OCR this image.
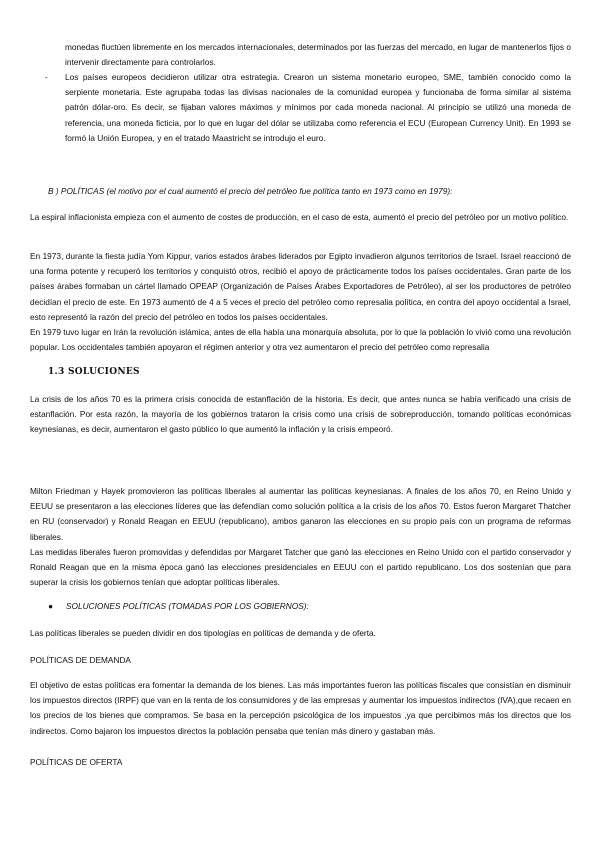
monedas fluctúen libremente en los mercados internacionales, determinados por las fuerzas del mercado, en lugar de mantenerlos fijos o intervenir directamente para controlarlos.

- Los países europeos decidieron utilizar otra estrategia. Crearon un sistema monetario europeo, SME, también conocido como la serpiente monetaria. Este agrupaba todas las divisas nacionales de la comunidad europea y funcionaba de forma similar al sistema patrón dólar-oro. Es decir, se fijaban valores máximos y mínimos por cada moneda nacional. Al principio se utilizó una moneda de referencia, una moneda ficticia, por lo que en lugar del dólar se utilizaba como referencia el ECU (European Currency Unit). En 1993 se formó la Unión Europea, y en el tratado Maastricht se introdujo el euro.

B ) POLÍTICAS (el motivo por el cual aumentó el precio del petróleo fue política tanto en 1973 como en 1979):

La espiral inflacionista empieza con el aumento de costes de producción, en el caso de esta, aumentó el precio del petróleo por un motivo político.

En 1973, durante la fiesta judía Yom Kippur, varios estados árabes liderados por Egipto invadieron algunos territorios de Israel. Israel reaccionó de una forma potente y recuperó los territorios y conquistó otros, recibió el apoyo de prácticamente todos los países occidentales. Gran parte de los países árabes formaban un cártel llamado OPEAP (Organización de Países Árabes Exportadores de Petróleo), al ser los productores de petróleo decidían el precio de este. En 1973 aumentó de 4 a 5 veces el precio del petróleo como represalia política, en contra del apoyo occidental a Israel, esto representó la razón del precio del petróleo en todos los países occidentales.

En 1979 tuvo lugar en Irán la revolución islámica, antes de ella había una monarquía absoluta, por lo que la población lo vivió como una revolución popular. Los occidentales también apoyaron el régimen anterior y otra vez aumentaron el precio del petróleo como represalia

1.3 SOLUCIONES

La crisis de los años 70 es la primera crisis conocida de estanflación de la historia. Es decir, que antes nunca se había verificado una crisis de estanflación. Por esta razón, la mayoría de los gobiernos trataron la crisis como una crisis de sobreproducción, tomando políticas económicas keynesianas, es decir, aumentaron el gasto público lo que aumentó la inflación y la crisis empeoró.

Milton Friedman y Hayek promovieron las políticas liberales al aumentar las políticas keynesianas. A finales de los años 70, en Reino Unido y EEUU se presentaron a las elecciones líderes que las defendían como solución política a la crisis de los años 70. Estos fueron Margaret Thatcher en RU (conservador) y Ronald Reagan en EEUU (republicano), ambos ganaron las elecciones en su propio país con un programa de reformas liberales.

Las medidas liberales fueron promovidas y defendidas por Margaret Tatcher que ganó las elecciones en Reino Unido con el partido conservador y Ronald Reagan que en la misma época ganó las elecciones presidenciales en EEUU con el partido republicano. Los dos sostenían que para superar la crisis los gobiernos tenían que adoptar políticas liberales.

● SOLUCIONES POLÍTICAS (TOMADAS POR LOS GOBIERNOS):

Las políticas liberales se pueden dividir en dos tipologías en políticas de demanda y de oferta.

POLÍTICAS DE DEMANDA

El objetivo de estas políticas era fomentar la demanda de los bienes. Las más importantes fueron las políticas fiscales que consistían en disminuir los impuestos directos (IRPF) que van en la renta de los consumidores y de las empresas y aumentar los impuestos indirectos (IVA),que recaen en los precios de los bienes que compramos. Se basa en la percepción psicológica de los impuestos ,ya que percibimos más los directos que los indirectos. Como bajaron los impuestos directos la población pensaba que tenían más dinero y gastaban más.

POLÍTICAS DE OFERTA
